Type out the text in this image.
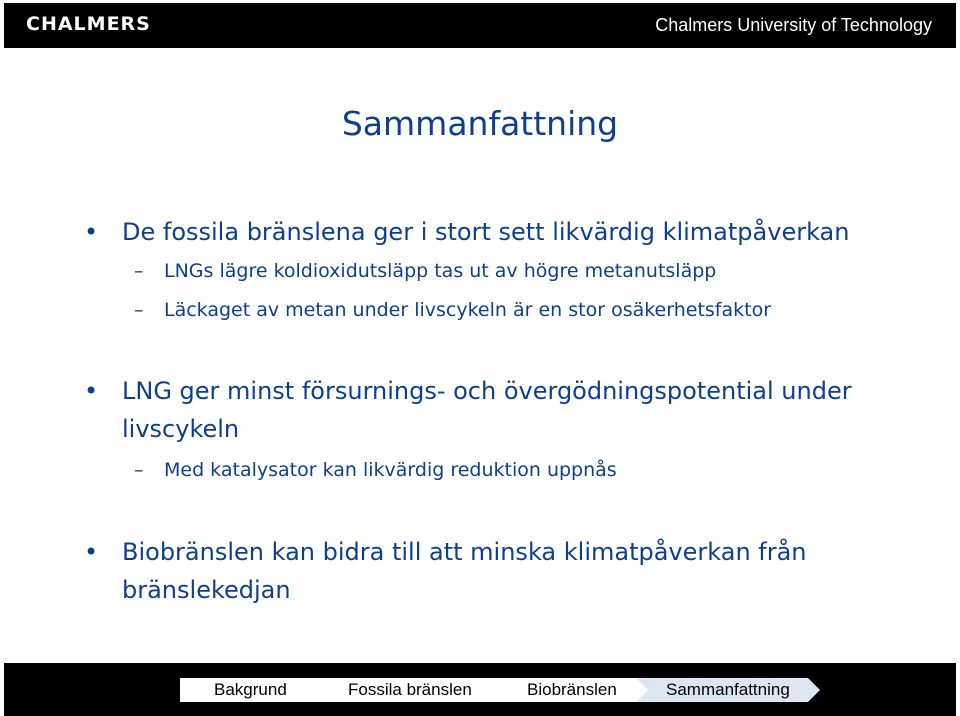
CHALMERS	Chalmers University of Technology
Sammanfattning
• De fossila bränslena ger i stort sett likvärdig klimatpåverkan
– LNGs lägre koldioxidutsläpp tas ut av högre metanutsläpp
– Läckaget av metan under livscykeln är en stor osäkerhetsfaktor
• LNG ger minst försurnings- och övergödningspotential under
livscykeln
– Med katalysator kan likvärdig reduktion uppnås
• Biobränslen kan bidra till att minska klimatpåverkan från
bränslekedjan
Bakgrund	Fossila bränslen	Biobränslen	Sammanfattning
